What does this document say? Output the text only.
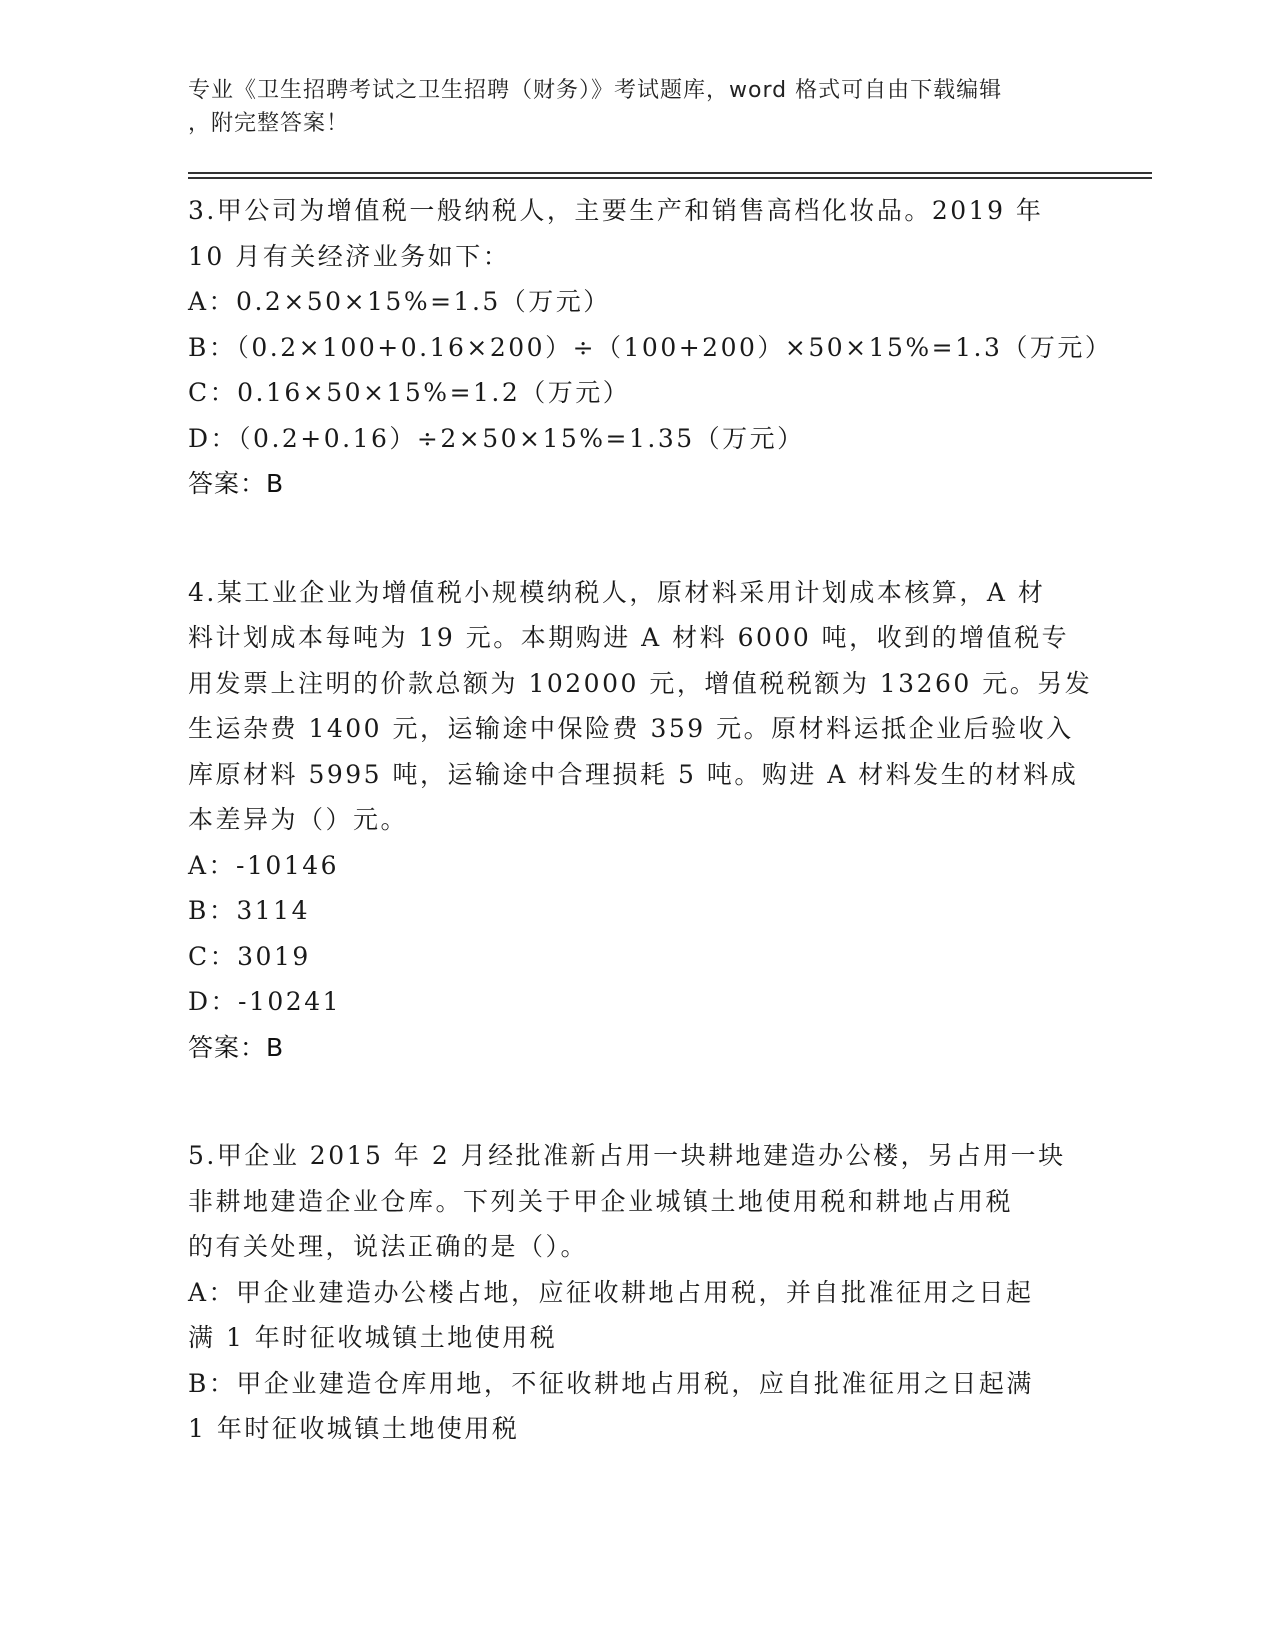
专业《卫生招聘考试之卫生招聘（财务）》考试题库，word 格式可自由下载编辑
，附完整答案！
3.甲公司为增值税一般纳税人，主要生产和销售高档化妆品。2019 年
10 月有关经济业务如下：
A：0.2×50×15%=1.5（万元）
B：（0.2×100+0.16×200）÷（100+200）×50×15%=1.3（万元）
C：0.16×50×15%=1.2（万元）
D：（0.2+0.16）÷2×50×15%=1.35（万元）
答案：B
4.某工业企业为增值税小规模纳税人，原材料采用计划成本核算，A 材
料计划成本每吨为 19 元。本期购进 A 材料 6000 吨，收到的增值税专
用发票上注明的价款总额为 102000 元，增值税税额为 13260 元。另发
生运杂费 1400 元，运输途中保险费 359 元。原材料运抵企业后验收入
库原材料 5995 吨，运输途中合理损耗 5 吨。购进 A 材料发生的材料成
本差异为（）元。
A：-10146
B：3114
C：3019
D：-10241
答案：B
5.甲企业 2015 年 2 月经批准新占用一块耕地建造办公楼，另占用一块
非耕地建造企业仓库。下列关于甲企业城镇土地使用税和耕地占用税
的有关处理，说法正确的是（）。
A：甲企业建造办公楼占地，应征收耕地占用税，并自批准征用之日起
满 1 年时征收城镇土地使用税
B：甲企业建造仓库用地，不征收耕地占用税，应自批准征用之日起满
1 年时征收城镇土地使用税
